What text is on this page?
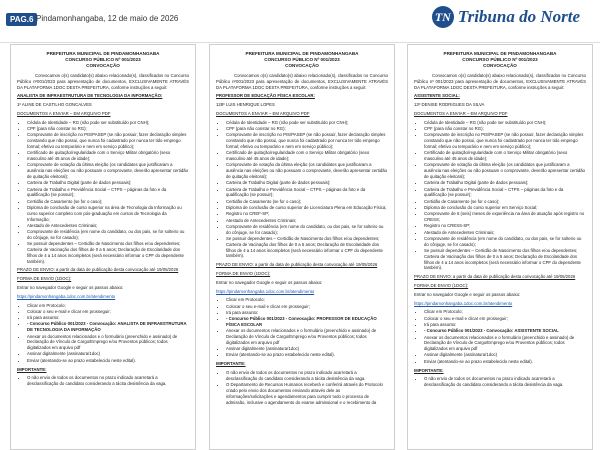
PAG.6 Pindamonhangaba, 12 de maio de 2026	TN Tribuna do Norte
PREFEITURA MUNICIPAL DE PINDAMONHANGABA
CONCURSO PÚBLICO Nº 001/2023
CONVOCAÇÃO

Convocamos o(s) candidato(s) abaixo relacionado(s), classificados no Concurso Público nº001/2023 para apresentação de documentos, EXCLUSIVAMENTE ATRAVÉS DA PLATAFORMA 1DOC DESTA PREFEITURA, conforme instruções a seguir:

ANALISTA DE INFRAESTRUTURA DE TECNOLOGIA DA INFORMAÇÃO:

1º ALINE DE CASTILHO GONCALVES

DOCUMENTOS A ENVIAR – EM ARQUIVO PDF

• Cédula de Identidade – RG (não pode ser substituído por CNH);
• CPF (para não constar no RG);
• Comprovante de inscrição no PIS/PASEP (se não possuir, fazer declaração simples constando que não possui, que nunca foi cadastrado por nunca ter tido emprego formal; efetivo ou temporário e nem em serviço público);
• Certificado de quitação/regularidade com o Serviço Militar obrigatório (sexo masculino até 45 anos de idade);
• Comprovante de votação da última eleição (os candidatos que justificaram a ausência nas eleições ou não possuam o comprovante, deverão apresentar certidão de quitação eleitoral);
• Carteira de Trabalho Digital (parte de dados pessoais);
• Carteira de Trabalho e Previdência Social – CTPS – páginas da foto e da qualificação (se possuir);
• Certidão de Casamento (se for o caso);
• Diploma de conclusão de curso superior na área de Tecnologia da Informação ou curso superior completo com pós-graduação em cursos de Tecnologia da Informação;
• Atestado de Antecedentes Criminais;
• Comprovante de residência (em nome do candidato, ou dos pais, se for solteiro ou do cônjuge, se for casado);
• Se possuir dependentes – Certidão de Nascimento dos filhos e/ou dependentes; Carteira de Vacinação dos filhos de 0 a 5 anos; Declaração de Escolaridade dos filhos de 4 a 14 anos incompletos (será necessário informar o CPF do dependente também).

PRAZO DE ENVIO: a partir da data de publicação desta convocação até 19/05/2026

FORMA DE ENVIO (1DOC):

Entrar no navegador Google e seguir os passos abaixo:

https://pindamonhangaba.1doc.com.br/atendimento

• Clicar em Protocolo;
• Colocar o seu e-mail e clicar em prosseguir;
• Irá para assunto:
• - Concurso Público 001/2023 - Convocação: ANALISTA DE INFRAESTRUTURA DE TECNOLOGIA DA INFORMAÇÃO
• Anexar os documentos relacionados e o formulário (preenchido e assinado) de Declaração de Vínculo de Cargo/Emprego e/ou Proventos públicos; todos digitalizados em arquivo pdf
• Assinar digitalmente (assinatura/1doc)
• Enviar (atentando-se ao prazo estabelecido neste edital).

IMPORTANTE:

• O não envio de todos os documentos no prazo indicado acarretará a desclassificação do candidato considerando a tácita desistência da vaga.
PREFEITURA MUNICIPAL DE PINDAMONHANGABA
CONCURSO PÚBLICO Nº 001/2023
CONVOCAÇÃO

Convocamos o(s) candidato(s) abaixo relacionado(s), classificados no Concurso Público nº001/2023 para apresentação de documentos, EXCLUSIVAMENTE ATRAVÉS DA PLATAFORMA 1DOC DESTA PREFEITURA, conforme instruções a seguir:

PROFESSOR DE EDUCAÇÃO FÍSICA ESCOLAR:

128º LUIS HENRIQUE LOPES

DOCUMENTOS A ENVIAR – EM ARQUIVO PDF

• Cédula de Identidade – RG (não pode ser substituído por CNH);
• CPF (para não constar no RG);
• Comprovante de inscrição no PIS/PASEP (se não possuir, fazer declaração simples constando que não possui, que nunca foi cadastrado por nunca ter tido emprego formal; efetivo ou temporário e nem em serviço público);
• Certificado de quitação/regularidade com o Serviço Militar obrigatório (sexo masculino até 45 anos de idade);
• Comprovante de votação da última eleição (os candidatos que justificaram a ausência nas eleições ou não possuam o comprovante, deverão apresentar certidão de quitação eleitoral);
• Carteira de Trabalho Digital (parte de dados pessoais);
• Carteira de Trabalho e Previdência Social – CTPS – páginas da foto e da qualificação (se possuir);
• Certidão de Casamento (se for o caso);
• Diploma de conclusão de curso superior de Licenciatura Plena em Educação Física;
• Registro no CREF-SP;
• Atestado de Antecedentes Criminais;
• Comprovante de residência (em nome do candidato, ou dos pais, se for solteiro ou do cônjuge, se for casado);
• Se possuir dependentes – Certidão de Nascimento dos filhos e/ou dependentes; Carteira de Vacinação dos filhos de 0 a 5 anos; Declaração de Escolaridade dos filhos de 4 a 14 anos incompletos (será necessário informar o CPF do dependente também).

PRAZO DE ENVIO: a partir da data de publicação desta convocação até 19/05/2026

FORMA DE ENVIO (1DOC):

Entrar no navegador Google e seguir os passos abaixo:

https://pindamonhangaba.1doc.com.br/atendimento

• Clicar em Protocolo;
• Colocar o seu e-mail e clicar em prosseguir;
• Irá para assunto:
• - Concurso Público 001/2023 - Convocação: PROFESSOR DE EDUCAÇÃO FÍSICA ESCOLAR
• Anexar os documentos relacionados e o formulário (preenchido e assinado) de Declaração de Vínculo de Cargo/Emprego e/ou Proventos públicos; todos digitalizados em arquivo pdf
• Assinar digitalmente (assinatura/1doc)
• Enviar (atentando-se ao prazo estabelecido neste edital).

IMPORTANTE:

• O não envio de todos os documentos no prazo indicado acarretará a desclassificação do candidato considerando a tácita desistência da vaga.
• O Departamento de Recursos Humanos receberá e conferirá através do Protocolo criado pelo envio dos documentos enviando através dele as informações/solicitações e agendamentos para cumprir todo o processo de admissão, inclusive o agendamento do exame admissional e o recebimento da
PREFEITURA MUNICIPAL DE PINDAMONHANGABA
CONCURSO PÚBLICO Nº 001/2023
CONVOCAÇÃO

Convocamos o(s) candidato(s) abaixo relacionado(s), classificados no Concurso Público nº 001/2023 para apresentação de documentos, EXCLUSIVAMENTE ATRAVÉS DA PLATAFORMA 1DOC DESTA PREFEITURA, conforme instruções a seguir:

ASSISTENTE SOCIAL:

13º DENISE RODRIGUES DA SILVA

DOCUMENTOS A ENVIAR – EM ARQUIVO PDF

• Cédula de Identidade – RG (não pode ser substituído por CNH);
• CPF (para não constar no RG);
• Comprovante de inscrição no PIS/PASEP (se não possuir, fazer declaração simples constando que não possui, que nunca foi cadastrado por nunca ter tido emprego formal; efetivo ou temporário e nem em serviço público);
• Certificado de quitação/regularidade com o Serviço Militar obrigatório (sexo masculino até 45 anos de idade);
• Comprovante de votação da última eleição (os candidatos que justificaram a ausência nas eleições ou não possuam o comprovante, deverão apresentar certidão de quitação eleitoral);
• Carteira de Trabalho Digital (parte de dados pessoais);
• Carteira de Trabalho e Previdência Social – CTPS – páginas da foto e da qualificação (se possuir);
• Certidão de Casamento (se for o caso);
• Diploma de conclusão do curso superior em Serviço Social;
• Comprovante de 6 (seis) meses de experiência na área de atuação após registro no CRESS;
• Registro no CRESS-SP;
• Atestado de Antecedentes Criminais;
• Comprovante de residência (em nome do candidato, ou dos pais, se for solteiro ou do cônjuge, se for casado);
• Se possuir dependentes – Certidão de Nascimento dos filhos e/ou dependentes; Carteira de Vacinação dos filhos de 0 a 5 anos; Declaração de Escolaridade dos filhos de 4 a 14 anos incompletos (será necessário informar o CPF do dependente também).

PRAZO DE ENVIO: a partir da data de publicação desta convocação até 19/05/2026

FORMA DE ENVIO (1DOC):

Entrar no navegador Google e seguir os passos abaixo:

https://pindamonhangaba.1doc.com.br/atendimento

• Clicar em Protocolo;
• Colocar o seu e-mail e clicar em prosseguir;
• Irá para assunto:
• - Concurso Público 001/2023 - Convocação: ASSISTENTE SOCIAL
• Anexar os documentos relacionados e o formulário (preenchido e assinado) de Declaração de Vínculo de Cargo/Emprego e/ou Proventos públicos; todos digitalizados em arquivo pdf
• Assinar digitalmente (assinatura/1doc)
• Enviar (atentando-se ao prazo estabelecido neste edital).

IMPORTANTE:

• O não envio de todos os documentos no prazo indicado acarretará a desclassificação do candidato considerando a tácita desistência da vaga.
